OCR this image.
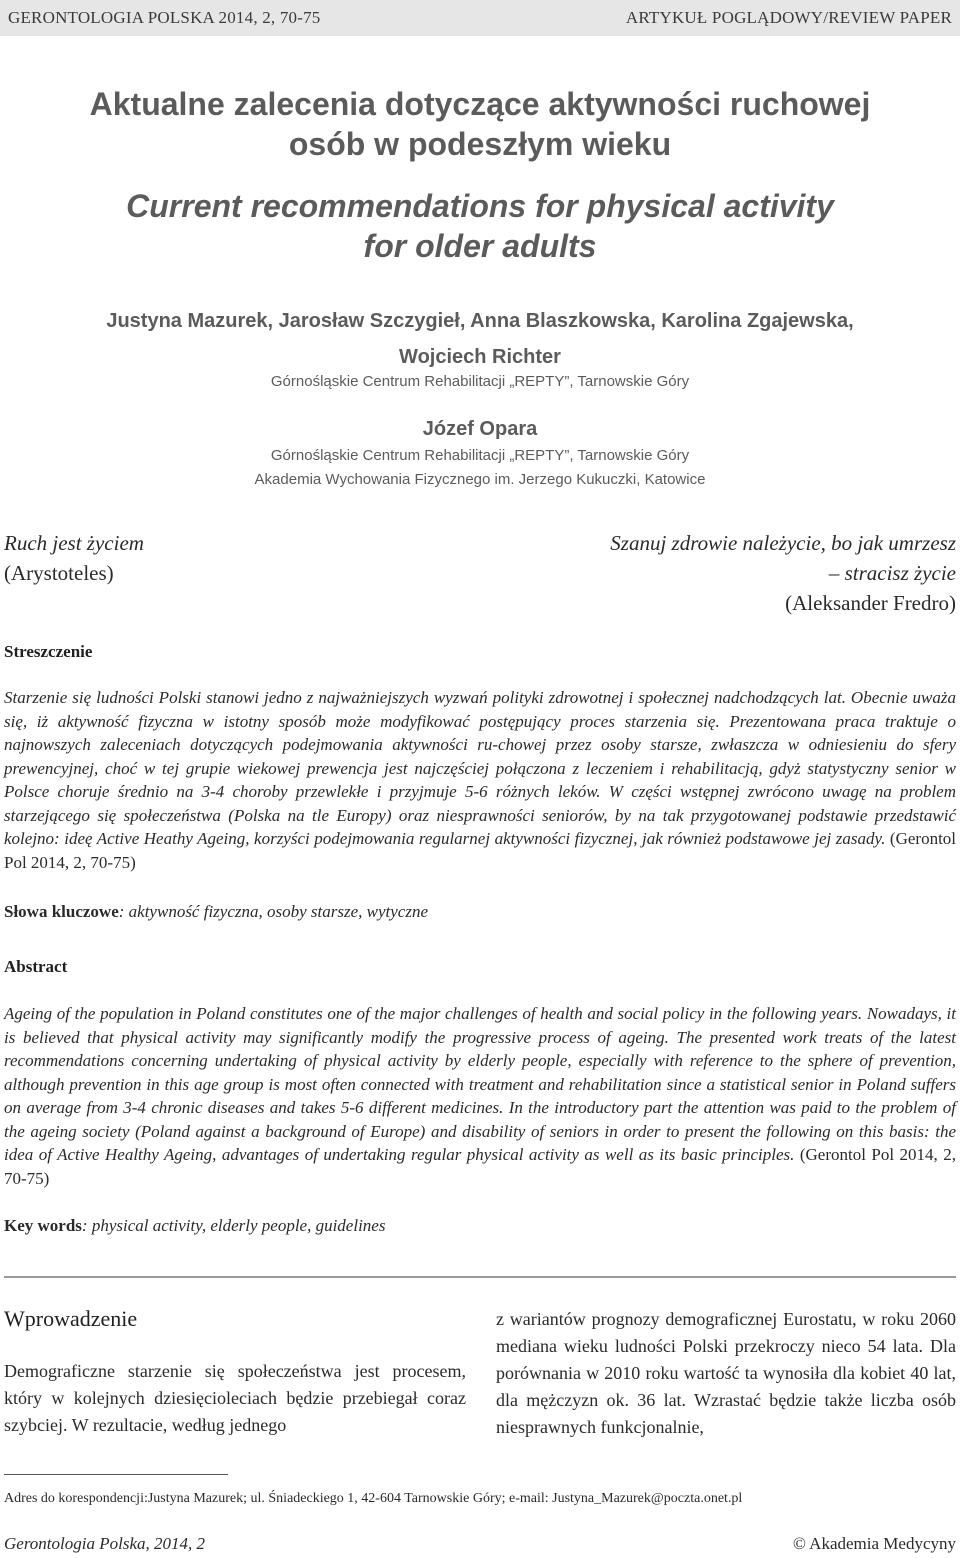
GERONTOLOGIA POLSKA 2014, 2, 70-75	ARTYKUŁ POGLĄDOWY/REVIEW PAPER
Aktualne zalecenia dotyczące aktywności ruchowej
osób w podeszłym wieku
Current recommendations for physical activity
for older adults
Justyna Mazurek, Jarosław Szczygieł, Anna Blaszkowska, Karolina Zgajewska,
Wojciech Richter
Górnośląskie Centrum Rehabilitacji „REPTY”, Tarnowskie Góry
Józef Opara
Górnośląskie Centrum Rehabilitacji „REPTY”, Tarnowskie Góry
Akademia Wychowania Fizycznego im. Jerzego Kukuczki, Katowice
Ruch jest życiem
(Arystoteles)
Szanuj zdrowie należycie, bo jak umrzesz
– stracisz życie
(Aleksander Fredro)
Streszczenie
Starzenie się ludności Polski stanowi jedno z najważniejszych wyzwań polityki zdrowotnej i społecznej nadchodzących lat. Obecnie uważa się, iż aktywność fizyczna w istotny sposób może modyfikować postępujący proces starzenia się. Prezentowana praca traktuje o najnowszych zaleceniach dotyczących podejmowania aktywności ru-chowej przez osoby starsze, zwłaszcza w odniesieniu do sfery prewencyjnej, choć w tej grupie wiekowej prewencja jest najczęściej połączona z leczeniem i rehabilitacją, gdyż statystyczny senior w Polsce choruje średnio na 3-4 choroby przewlekłe i przyjmuje 5-6 różnych leków. W części wstępnej zwrócono uwagę na problem starzejącego się społeczeństwa (Polska na tle Europy) oraz niesprawności seniorów, by na tak przygotowanej podstawie przedstawić kolejno: ideę Active Heathy Ageing, korzyści podejmowania regularnej aktywności fizycznej, jak również podstawowe jej zasady. (Gerontol Pol 2014, 2, 70-75)
Słowa kluczowe: aktywność fizyczna, osoby starsze, wytyczne
Abstract
Ageing of the population in Poland constitutes one of the major challenges of health and social policy in the following years. Nowadays, it is believed that physical activity may significantly modify the progressive process of ageing. The presented work treats of the latest recommendations concerning undertaking of physical activity by elderly people, especially with reference to the sphere of prevention, although prevention in this age group is most often connected with treatment and rehabilitation since a statistical senior in Poland suffers on average from 3-4 chronic diseases and takes 5-6 different medicines. In the introductory part the attention was paid to the problem of the ageing society (Poland against a background of Europe) and disability of seniors in order to present the following on this basis: the idea of Active Healthy Ageing, advantages of undertaking regular physical activity as well as its basic principles. (Gerontol Pol 2014, 2, 70-75)
Key words: physical activity, elderly people, guidelines
Wprowadzenie
Demograficzne starzenie się społeczeństwa jest procesem, który w kolejnych dziesięcioleciach będzie przebiegał coraz szybciej. W rezultacie, według jednego
z wariantów prognozy demograficznej Eurostatu, w roku 2060 mediana wieku ludności Polski przekroczy nieco 54 lata. Dla porównania w 2010 roku wartość ta wynosiła dla kobiet 40 lat, dla mężczyzn ok. 36 lat. Wzrastać będzie także liczba osób niesprawnych funkcjonalnie,
Adres do korespondencji:Justyna Mazurek; ul. Śniadeckiego 1, 42-604 Tarnowskie Góry; e-mail: Justyna_Mazurek@poczta.onet.pl
Gerontologia Polska, 2014, 2	© Akademia Medycyny
